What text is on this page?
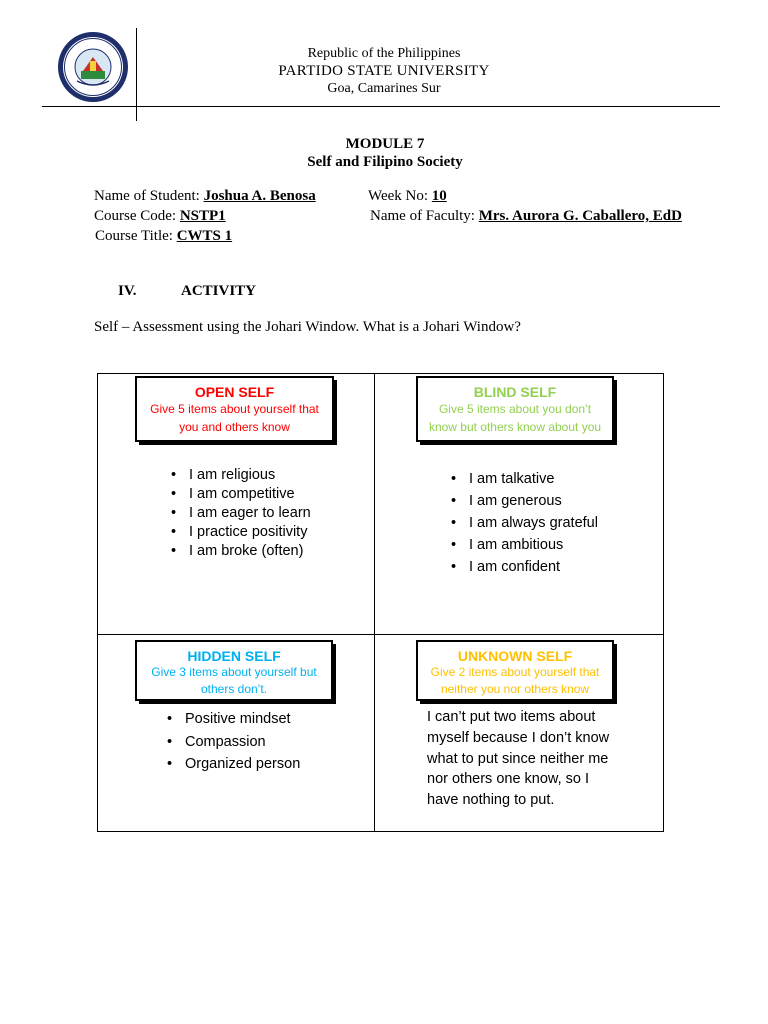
Republic of the Philippines
PARTIDO STATE UNIVERSITY
Goa, Camarines Sur
MODULE 7
Self and Filipino Society
Name of Student: Joshua A. Benosa	Week No: 10
Course Code: NSTP1	Name of Faculty: Mrs. Aurora G. Caballero, EdD
Course Title: CWTS 1
IV.	ACTIVITY
Self – Assessment using the Johari Window. What is a Johari Window?
OPEN SELF
Give 5 items about yourself that
you and others know
• I am religious
• I am competitive
• I am eager to learn
• I practice positivity
• I am broke (often)
BLIND SELF
Give 5 items about you don’t
know but others know about you
• I am talkative
• I am generous
• I am always grateful
• I am ambitious
• I am confident
HIDDEN SELF
Give 3 items about yourself but
others don’t.
• Positive mindset
• Compassion
• Organized person
UNKNOWN SELF
Give 2 items about yourself that
neither you nor others know
I can’t put two items about myself because I don’t know what to put since neither me nor others one know, so I have nothing to put.
